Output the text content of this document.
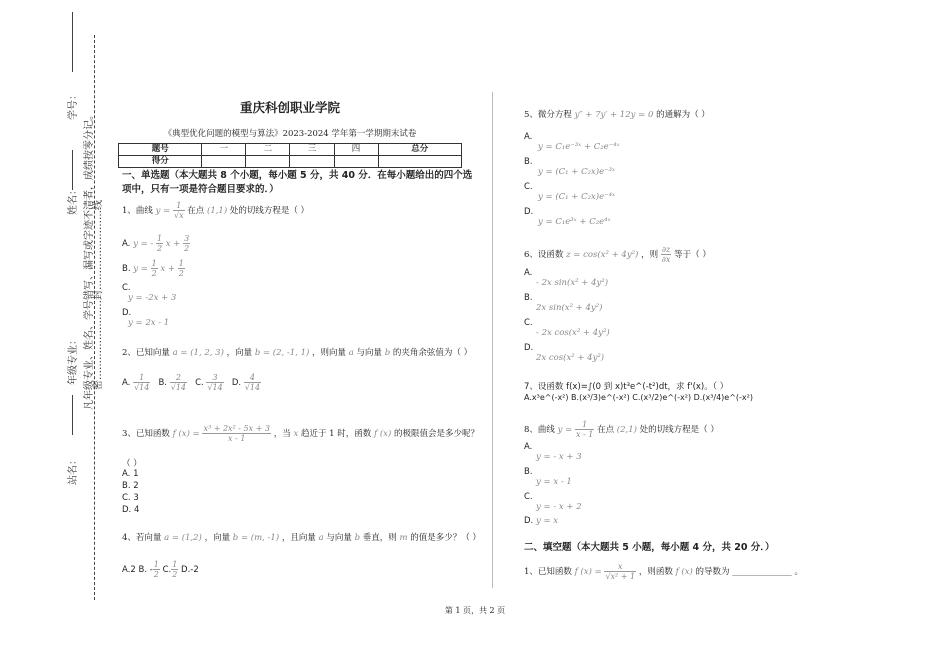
学号：
姓名：
年级专业：
站名：
凡年级专业、姓名、学号错写、漏写或字迹不清者，成绩按零分记。
密……………………封……………………线
重庆科创职业学院
《典型优化问题的模型与算法》2023-2024 学年第一学期期末试卷
题号	一	二	三	四	总分
得分					
一、单选题（本大题共 8 个小题，每小题 5 分，共 40 分．在每小题给出的四个选
项中，只有一项是符合题目要求的．）
1、曲线 $y = \frac{1}{√x}$ 在点 (1,1) 处的切线方程是（ ）
A. y = - $\frac{1}{2}$ $x + \frac{3}{2}$
B. $y = \frac{1}{2}$ $x + \frac{1}{2}$
C.
y = -2x + 3
D.
y = 2x - 1
2、已知向量 a = (1, 2, 3) ，向量 b = (2, -1, 1) ，则向量 a 与向量 b 的夹角余弦值为（ ）
A. $\frac{1}{√14} B$. $\frac{2}{√14} C$. $\frac{3}{√14} D$. $\frac{4}{√14}$
3、已知函数 f $(x) = \frac{\text{x³ + 2x² - 5x + 3}}{x - 1}$ ，当 x 趋近于 1 时，函数 f (x) 的极限值会是多少呢？
（ ）
A. 1
B. 2
C. 3
D. 4
4、若向量 a = (1,2) ，向量 b = (m, -1) ，且向量 a 与向量 b 垂直，则 m 的值是多少？（ ）
A.2 B. - $\frac{1}{2} C$. $\frac{1}{2} D.-2$
5、微分方程 y″ + 7y′ + 12y = 0 的通解为（ ）
A.
y = C₁e⁻³ˣ + C₂e⁻⁴ˣ
B.
y = (C₁ + C₂x)e⁻³ˣ
C.
y = (C₁ + C₂x)e⁻⁴ˣ
D.
y = C₁e³ˣ + C₂e⁴ˣ
6、设函数 z = cos(x² + 4y²) ，则 $\frac{\partial z}{\partial x}$ 等于（ ）
A.
- 2x sin(x² + 4y²)
B.
2x sin(x² + 4y²)
C.
- 2x cos(x² + 4y²)
D.
2x cos(x² + 4y²)
7、设函数 f(x)=∫(0 到 x)t³e^(-t²)dt，求 f'(x)。（ ）
A.x³e^(-x²) B.(x³/3)e^(-x²) C.(x³/2)e^(-x²) D.(x³/4)e^(-x²)
8、曲线 $y = \frac{1}{x - 1}$ 在点 (2,1) 处的切线方程是（ ）
A.
y = - x + 3
B.
y = x - 1
C.
y = - x + 2
D. y = x
二、填空题（本大题共 5 小题，每小题 4 分，共 20 分．）
1、已知函数 f $(x) = \frac{x}{\text{√x² + 1}}$ ，则函数 f (x) 的导数为 ______________ 。
第 1 页，共 2 页
